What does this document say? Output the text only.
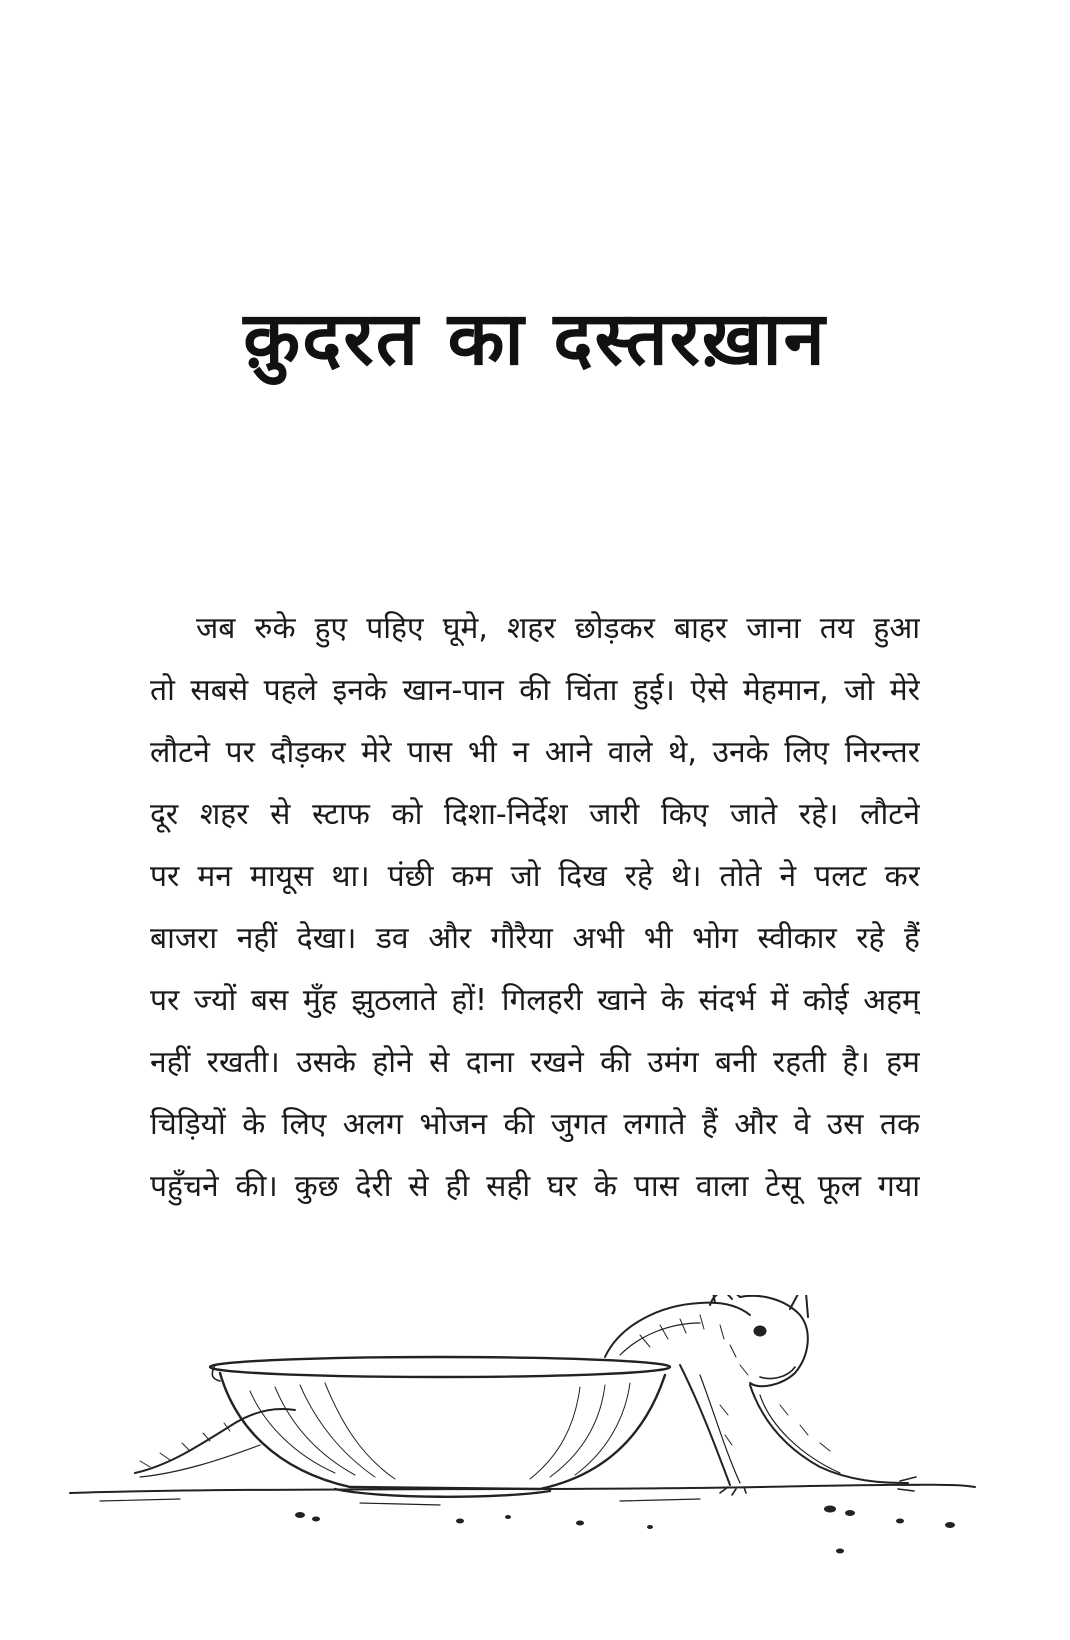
क़ुदरत का दस्तरख़ान
जब रुके हुए पहिए घूमे, शहर छोड़कर बाहर जाना तय हुआ
तो सबसे पहले इनके खान-पान की चिंता हुई। ऐसे मेहमान, जो मेरे
लौटने पर दौड़कर मेरे पास भी न आने वाले थे, उनके लिए निरन्तर
दूर शहर से स्टाफ को दिशा-निर्देश जारी किए जाते रहे। लौटने
पर मन मायूस था। पंछी कम जो दिख रहे थे। तोते ने पलट कर
बाजरा नहीं देखा। डव और गौरैया अभी भी भोग स्वीकार रहे हैं
पर ज्यों बस मुँह झुठलाते हों! गिलहरी खाने के संदर्भ में कोई अहम्
नहीं रखती। उसके होने से दाना रखने की उमंग बनी रहती है। हम
चिड़ियों के लिए अलग भोजन की जुगत लगाते हैं और वे उस तक
पहुँचने की। कुछ देरी से ही सही घर के पास वाला टेसू फूल गया
